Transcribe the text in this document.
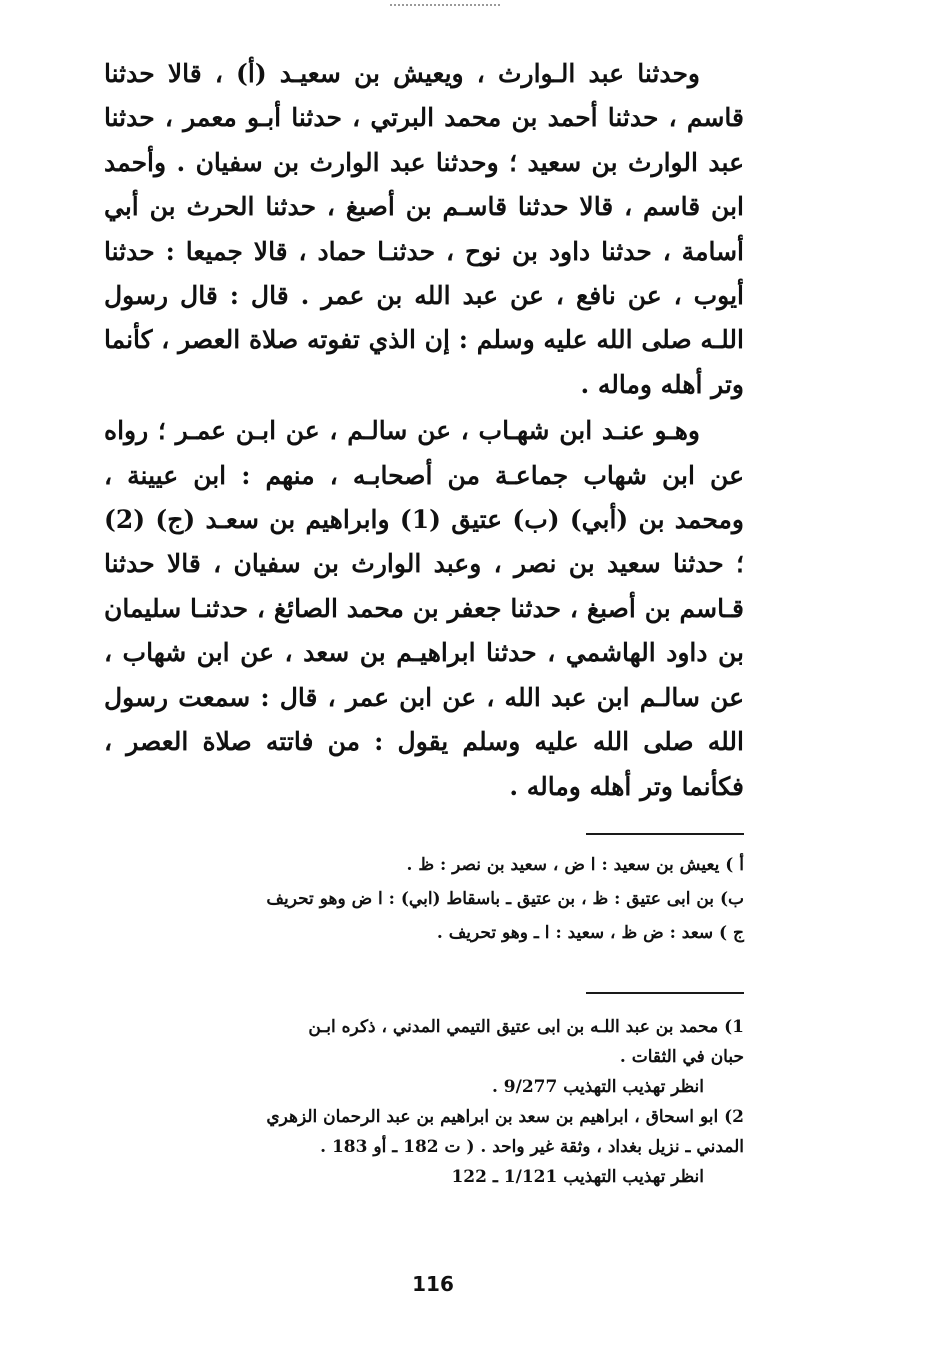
وحدثنا عبد الـوارث ، ويعيش بن سعيـد (أ) ، قالا حدثنا قاسم ، حدثنا أحمد بن محمد البرتي ، حدثنا أبـو معمر ، حدثنا عبد الوارث بن سعيد ؛ وحدثنا عبد الوارث بن سفيان . وأحمد ابن قاسم ، قالا حدثنا قاسـم بن أصبغ ، حدثنا الحرث بن أبي أسامة ، حدثنا داود بن نوح ، حدثنـا حماد ، قالا جميعا : حدثنا أيوب ، عن نافع ، عن عبد الله بن عمر . قال : قال رسول اللـه صلى الله عليه وسلم : إن الذي تفوته صلاة العصر ، كأنما وتر أهله وماله .

وهـو عنـد ابن شهـاب ، عن سالـم ، عن ابـن عمـر ؛ رواه عن ابن شهاب جماعـة من أصحابـه ، منهم : ابن عيينة ، ومحمد بن (أبي) (ب) عتيق (1) وابراهيم بن سعـد (ج) (2) ؛ حدثنا سعيد بن نصر ، وعبد الوارث بن سفيان ، قالا حدثنا قـاسم بن أصبغ ، حدثنا جعفر بن محمد الصائغ ، حدثنـا سليمان بن داود الهاشمي ، حدثنا ابراهيـم بن سعد ، عن ابن شهاب ، عن سالـم ابن عبد الله ، عن ابن عمر ، قال : سمعت رسول الله صلى الله عليه وسلم يقول : من فاتته صلاة العصر ، فكأنما وتر أهله وماله .

أ ) يعيش بن سعيد : ا ض ، سعيد بن نصر : ظ .
ب) بن ابى عتيق : ظ ، بن عتيق ـ باسقاط (ابي) : ا ض وهو تحريف
ج ) سعد : ض ظ ، سعيد : ا ـ وهو تحريف .
1) محمد بن عبد اللـه بن ابى عتيق التيمي المدني ، ذكره ابـن
حبان في الثقات .
انظر تهذيب التهذيب 9/277 .
2) ابو اسحاق ، ابراهيم بن سعد بن ابراهيم بن عبد الرحمان الزهري
المدني ـ نزيل بغداد ، وثقة غير واحد . ( ت 182 ـ أو 183 .
انظر تهذيب التهذيب 1/121 ـ 122
116
